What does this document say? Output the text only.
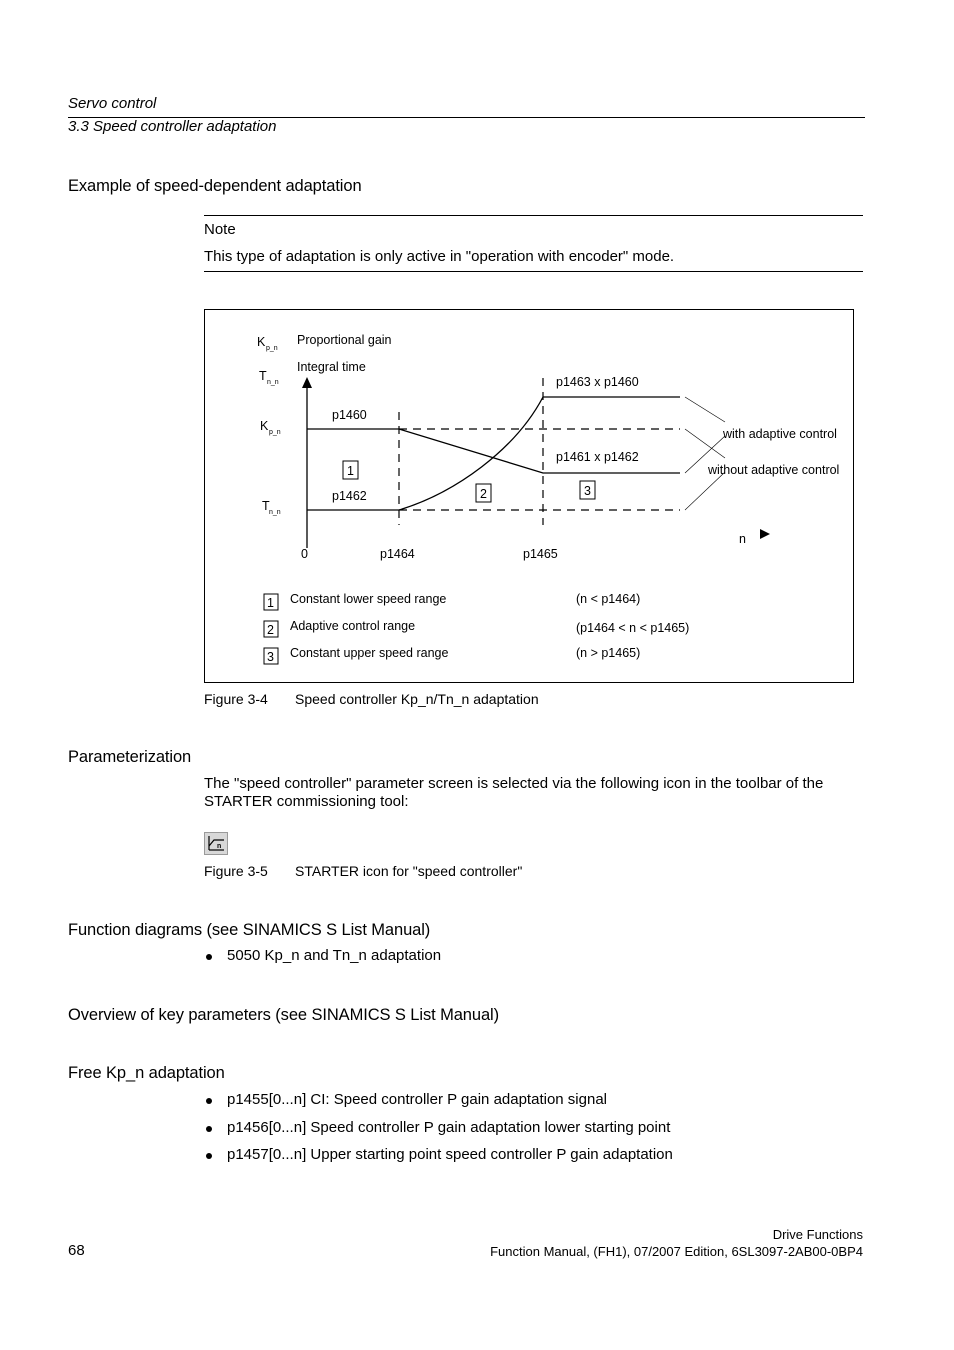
Servo control
3.3 Speed controller adaptation
Example of speed-dependent adaptation
Note
This type of adaptation is only active in "operation with encoder" mode.
K p_n
Proportional gain
T n_n
Integral time
K p_n
T n_n
p1460
p1462
p1463 x p1460
p1461 x p1462
1
2	3
with adaptive control
without adaptive control
0	p1464	p1465
n
1 Constant lower speed range	(n < p1464)
2 Adaptive control range	(p1464 < n < p1465)
3 Constant upper speed range	(n > p1465)
Figure 3-4 Speed controller Kp_n/Tn_n adaptation
Parameterization
The "speed controller" parameter screen is selected via the following icon in the toolbar of the STARTER commissioning tool:
n
Figure 3-5 STARTER icon for "speed controller"
Function diagrams (see SINAMICS S List Manual)
5050 Kp_n and Tn_n adaptation
Overview of key parameters (see SINAMICS S List Manual)
Free Kp_n adaptation
p1455[0...n] CI: Speed controller P gain adaptation signal
p1456[0...n] Speed controller P gain adaptation lower starting point
p1457[0...n] Upper starting point speed controller P gain adaptation
68
Drive Functions
Function Manual, (FH1), 07/2007 Edition, 6SL3097-2AB00-0BP4
